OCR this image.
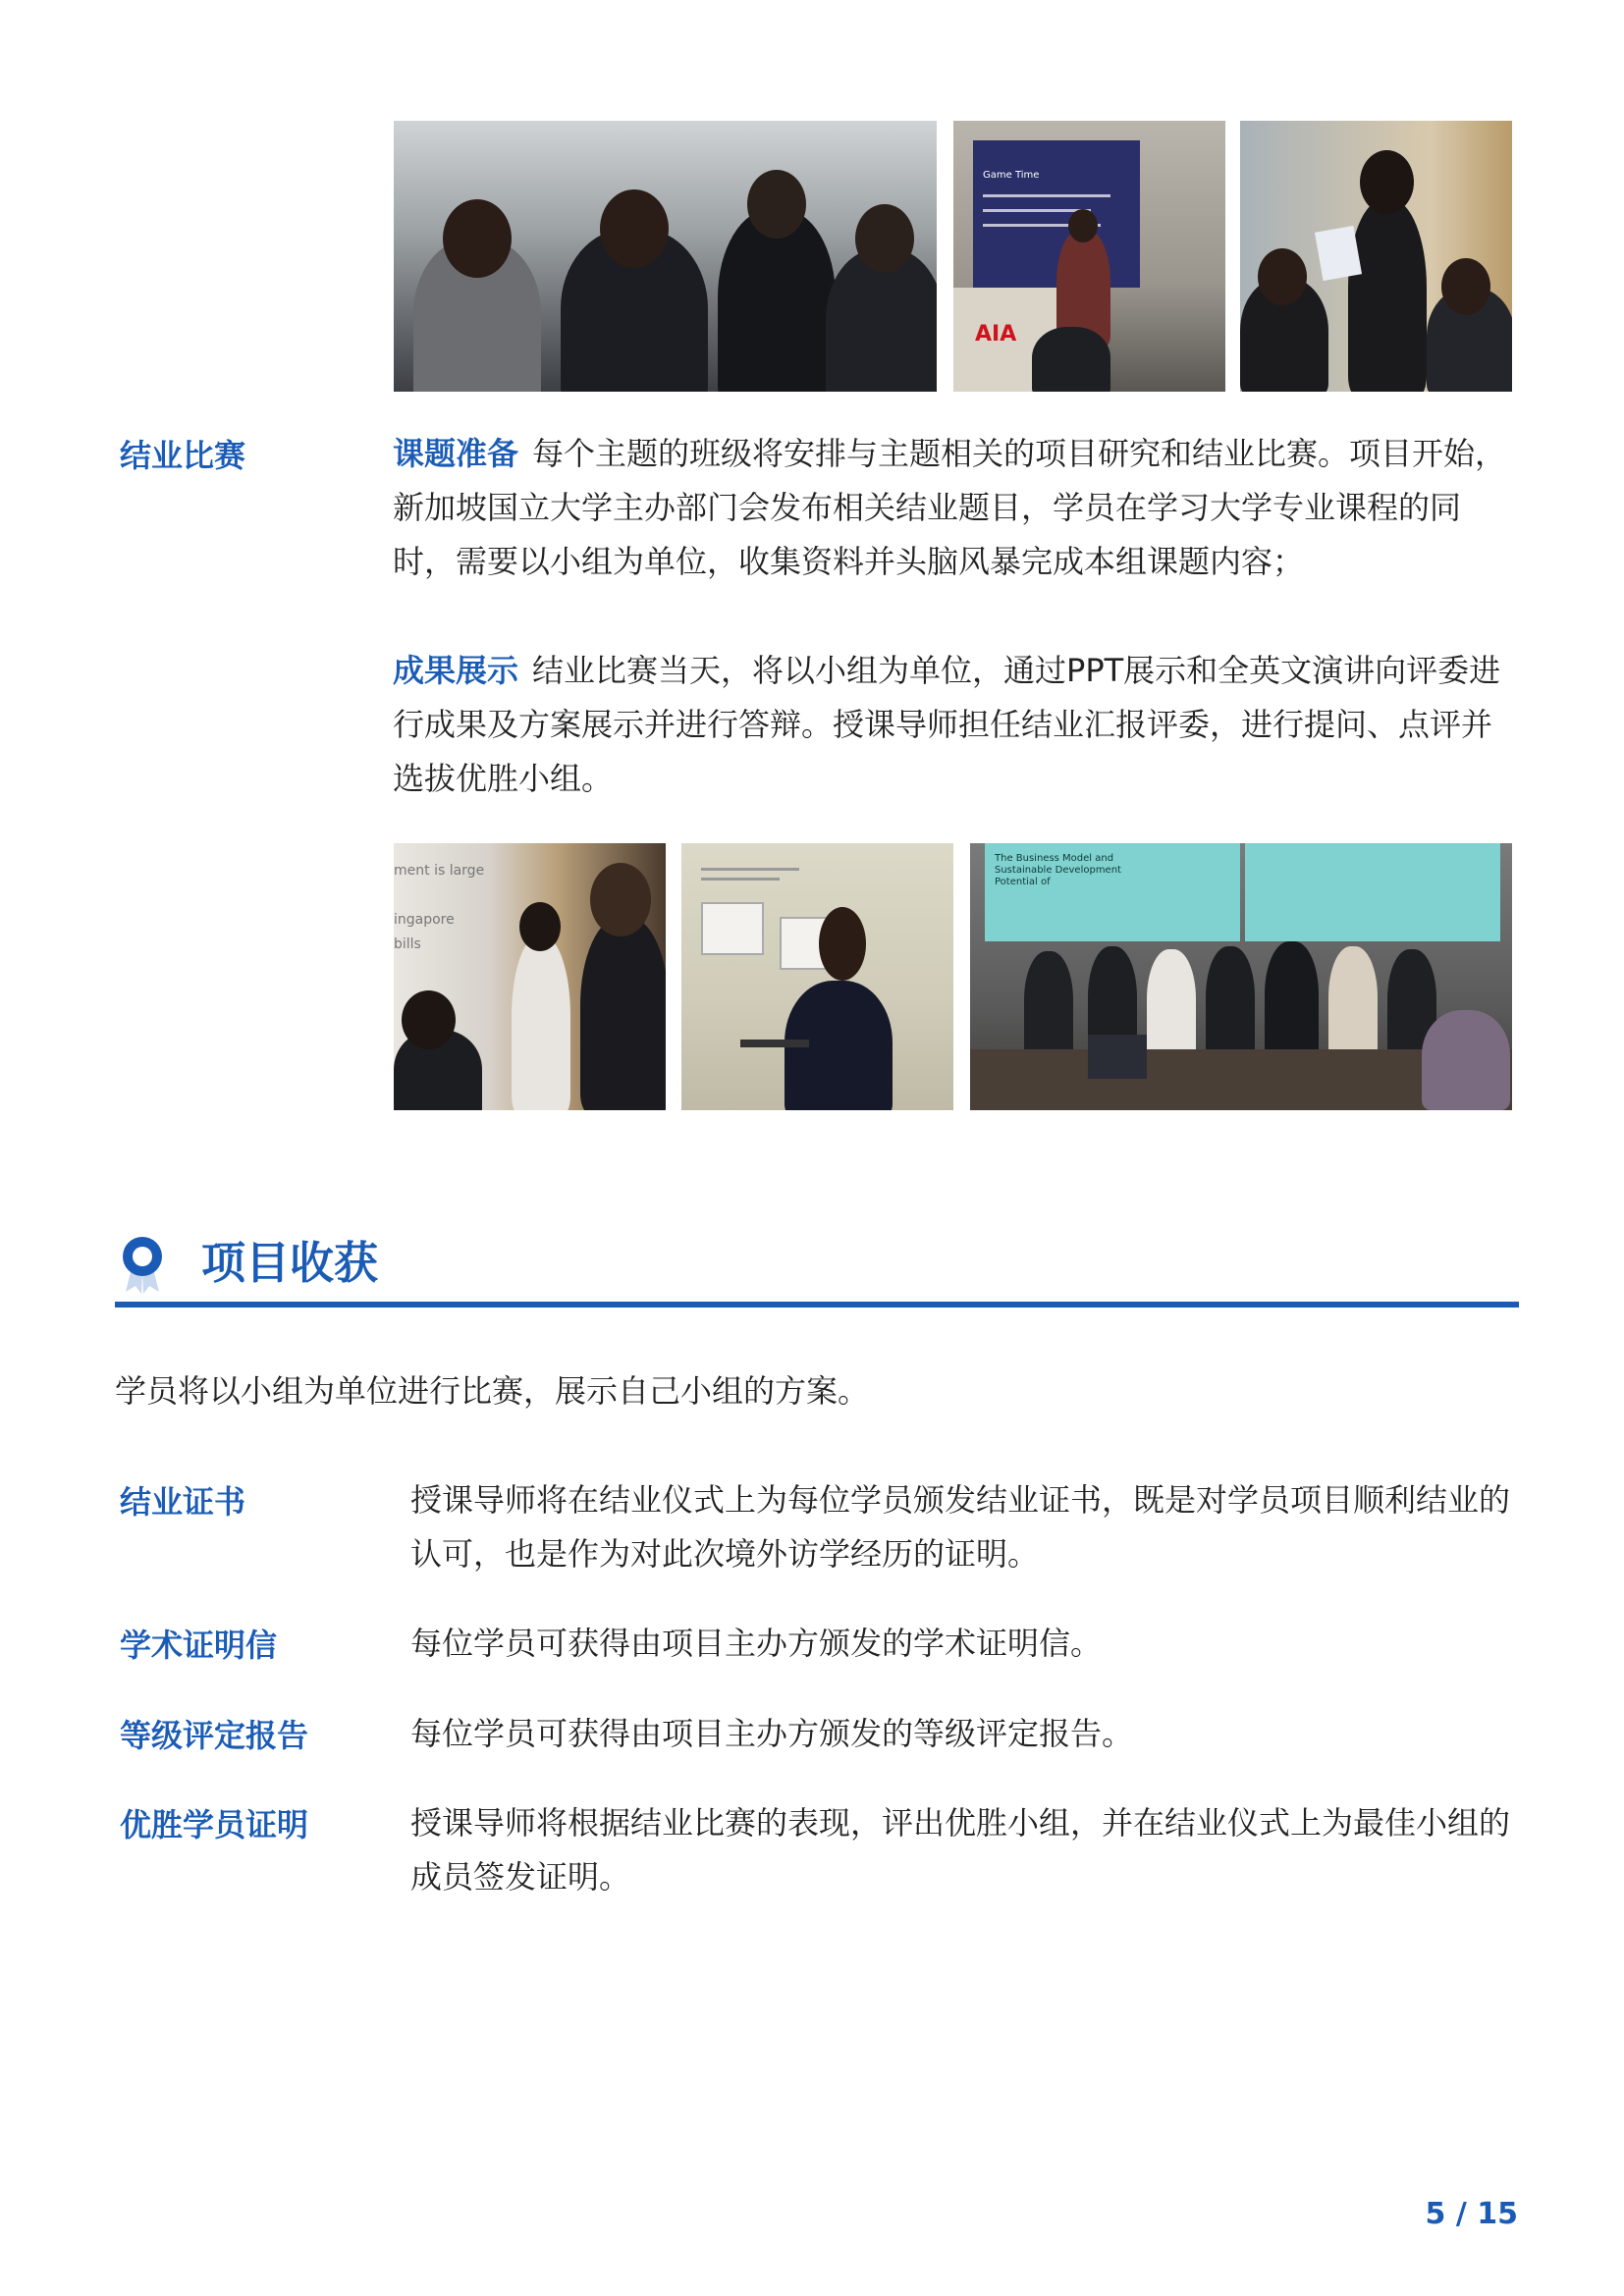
Game Time
AIA
结业比赛	课题准备 每个主题的班级将安排与主题相关的项目研究和结业比赛。项目开始，新加坡国立大学主办部门会发布相关结业题目，学员在学习大学专业课程的同时，需要以小组为单位，收集资料并头脑风暴完成本组课题内容；
成果展示 结业比赛当天，将以小组为单位，通过PPT展示和全英文演讲向评委进行成果及方案展示并进行答辩。授课导师担任结业汇报评委，进行提问、点评并选拔优胜小组。
ment is large
ingapore
bills
The Business Model and Sustainable Development Potential of
项目收获
学员将以小组为单位进行比赛，展示自己小组的方案。
结业证书	授课导师将在结业仪式上为每位学员颁发结业证书，既是对学员项目顺利结业的认可，也是作为对此次境外访学经历的证明。
学术证明信	每位学员可获得由项目主办方颁发的学术证明信。
等级评定报告	每位学员可获得由项目主办方颁发的等级评定报告。
优胜学员证明	授课导师将根据结业比赛的表现，评出优胜小组，并在结业仪式上为最佳小组的成员签发证明。
5 / 15
